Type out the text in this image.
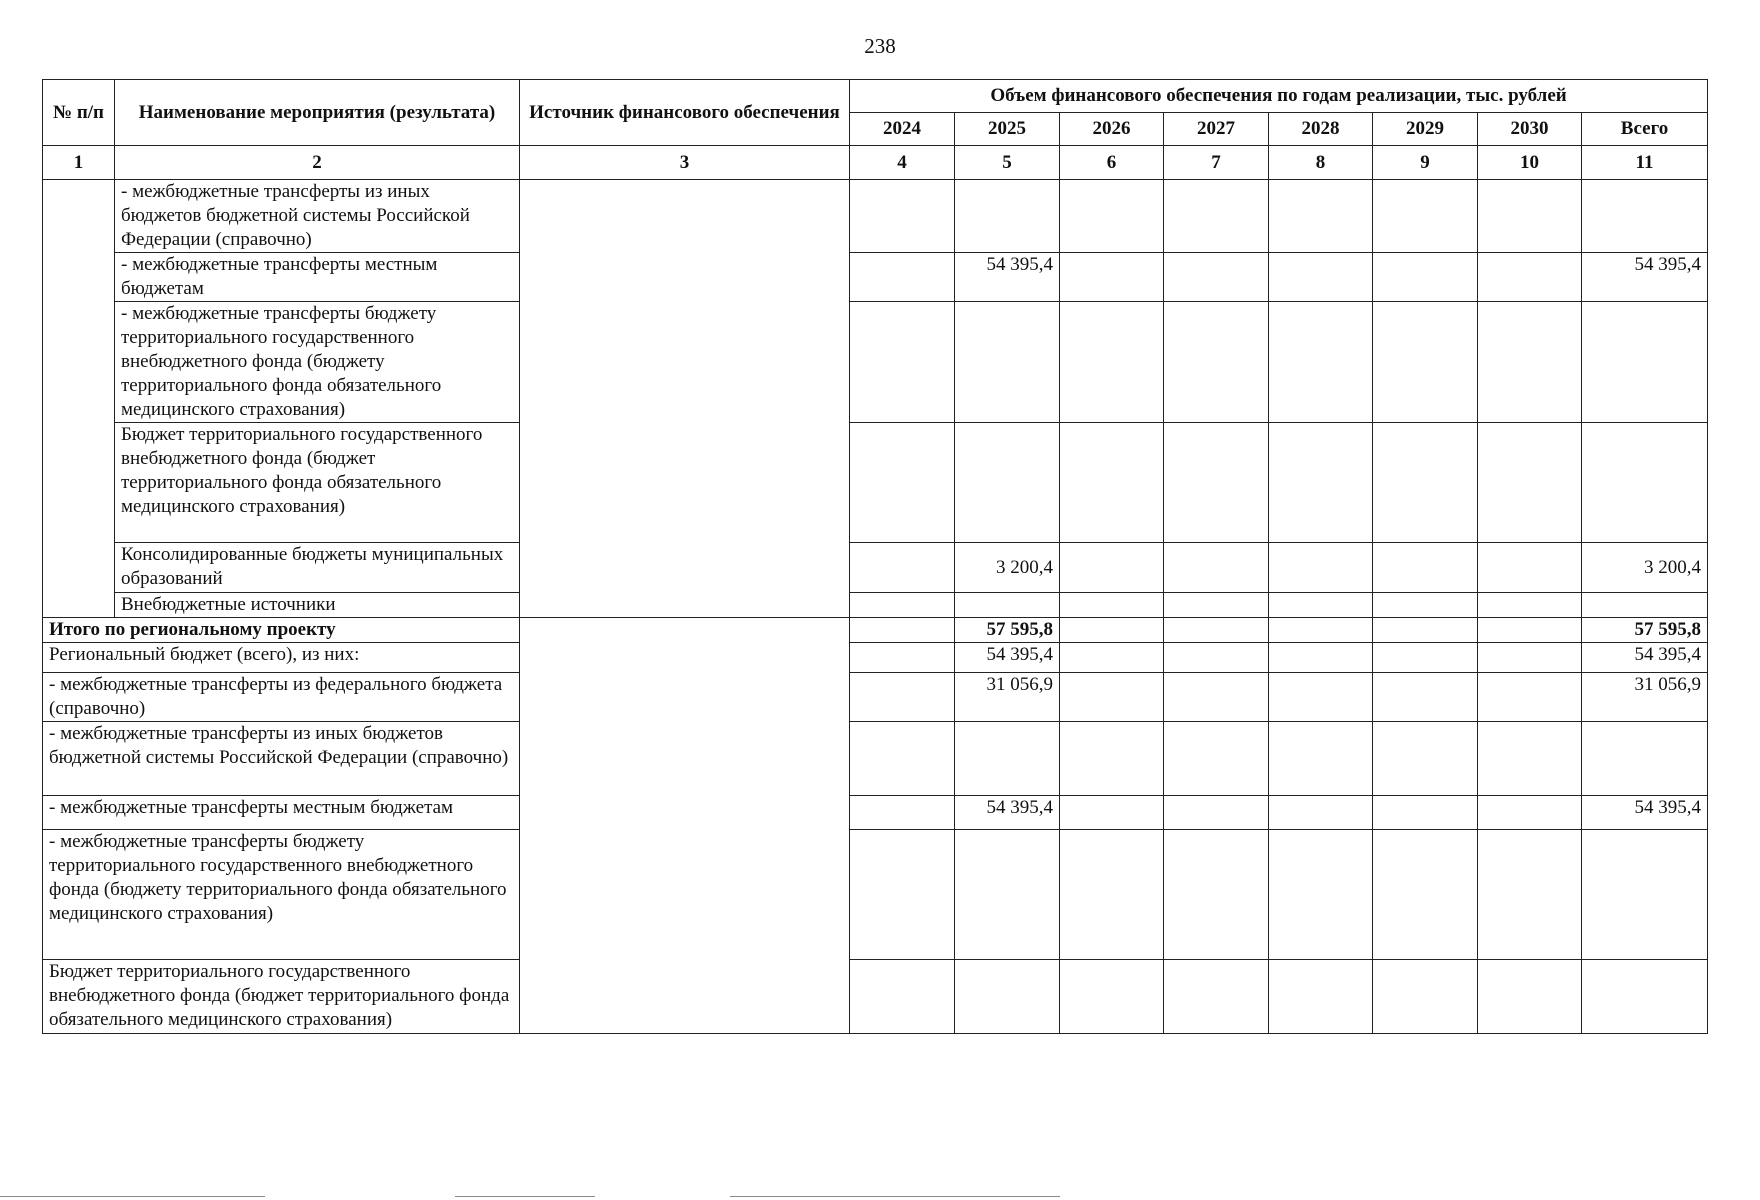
238
№ п/п	Наименование мероприятия (результата)	Источник финансового обеспечения	Объем финансового обеспечения по годам реализации, тыс. рублей							
			2024	2025	2026	2027	2028	2029	2030	Всего
1	2	3	4	5	6	7	8	9	10	11
	- межбюджетные трансферты из иных бюджетов бюджетной системы Российской Федерации (справочно)									
	- межбюджетные трансферты местным бюджетам			54 395,4						54 395,4
	- межбюджетные трансферты бюджету территориального государственного внебюджетного фонда (бюджету территориального фонда обязательного медицинского страхования)									
	Бюджет территориального государственного внебюджетного фонда (бюджет территориального фонда обязательного медицинского страхования)									
	Консолидированные бюджеты муниципальных образований			3 200,4						3 200,4
	Внебюджетные источники									
Итого по региональному проекту				57 595,8						57 595,8
Региональный бюджет (всего), из них:				54 395,4						54 395,4
- межбюджетные трансферты из федерального бюджета (справочно)				31 056,9						31 056,9
- межбюджетные трансферты из иных бюджетов бюджетной системы Российской Федерации (справочно)										
- межбюджетные трансферты местным бюджетам				54 395,4						54 395,4
- межбюджетные трансферты бюджету территориального государственного внебюджетного фонда (бюджету территориального фонда обязательного медицинского страхования)										
Бюджет территориального государственного внебюджетного фонда (бюджет территориального фонда обязательного медицинского страхования)										
